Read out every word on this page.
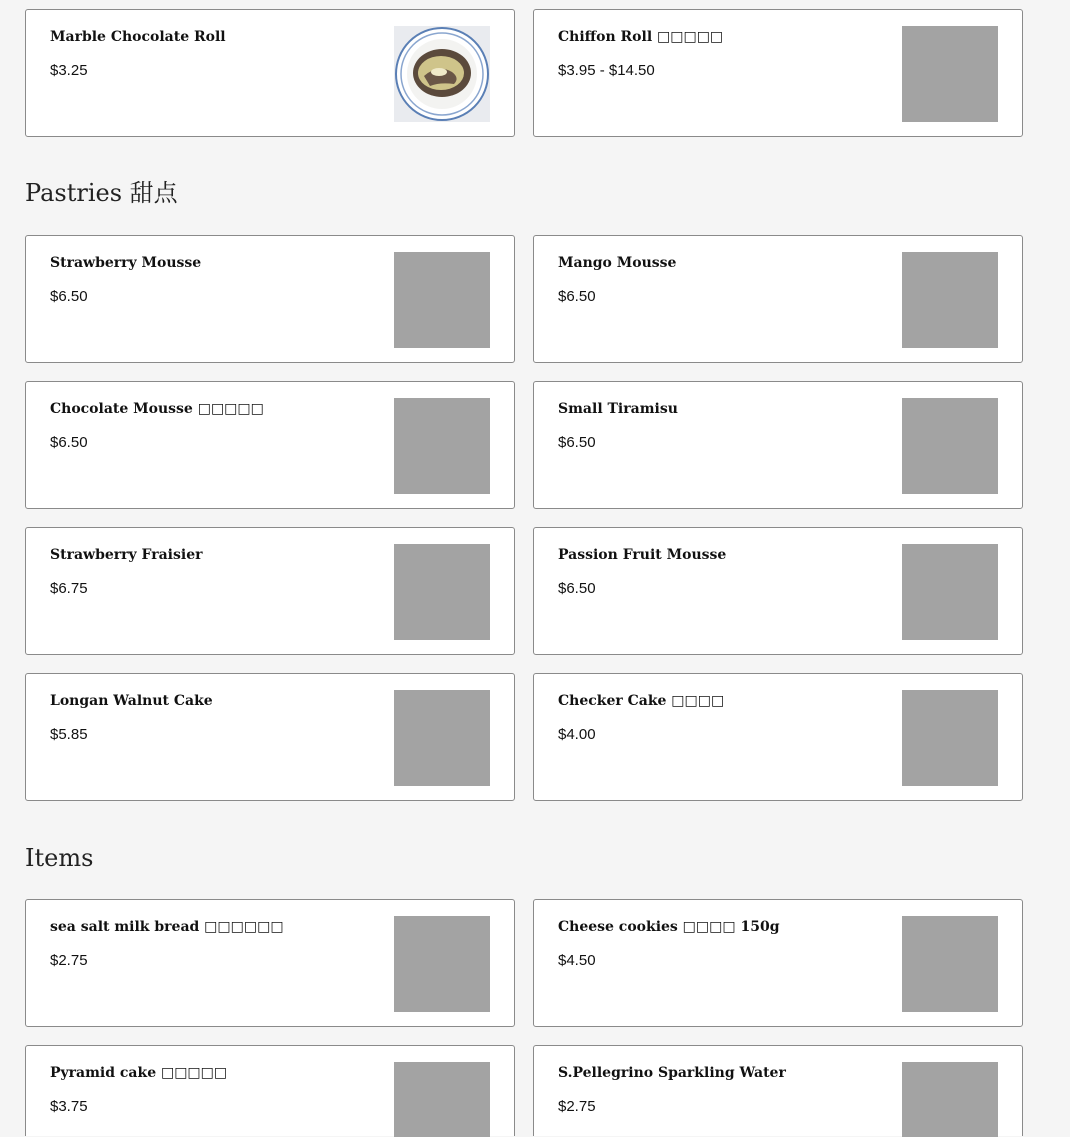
Pastries 甜点
Items
Marble Chocolate Roll
$3.25
Chiffon Roll □□□□□
$3.95 - $14.50
Strawberry Mousse
$6.50
Mango Mousse
$6.50
Chocolate Mousse □□□□□
$6.50
Small Tiramisu
$6.50
Strawberry Fraisier
$6.75
Passion Fruit Mousse
$6.50
Longan Walnut Cake
$5.85
Checker Cake □□□□
$4.00
sea salt milk bread □□□□□□
$2.75
Cheese cookies □□□□ 150g
$4.50
Pyramid cake □□□□□
$3.75
S.Pellegrino Sparkling Water
$2.75
